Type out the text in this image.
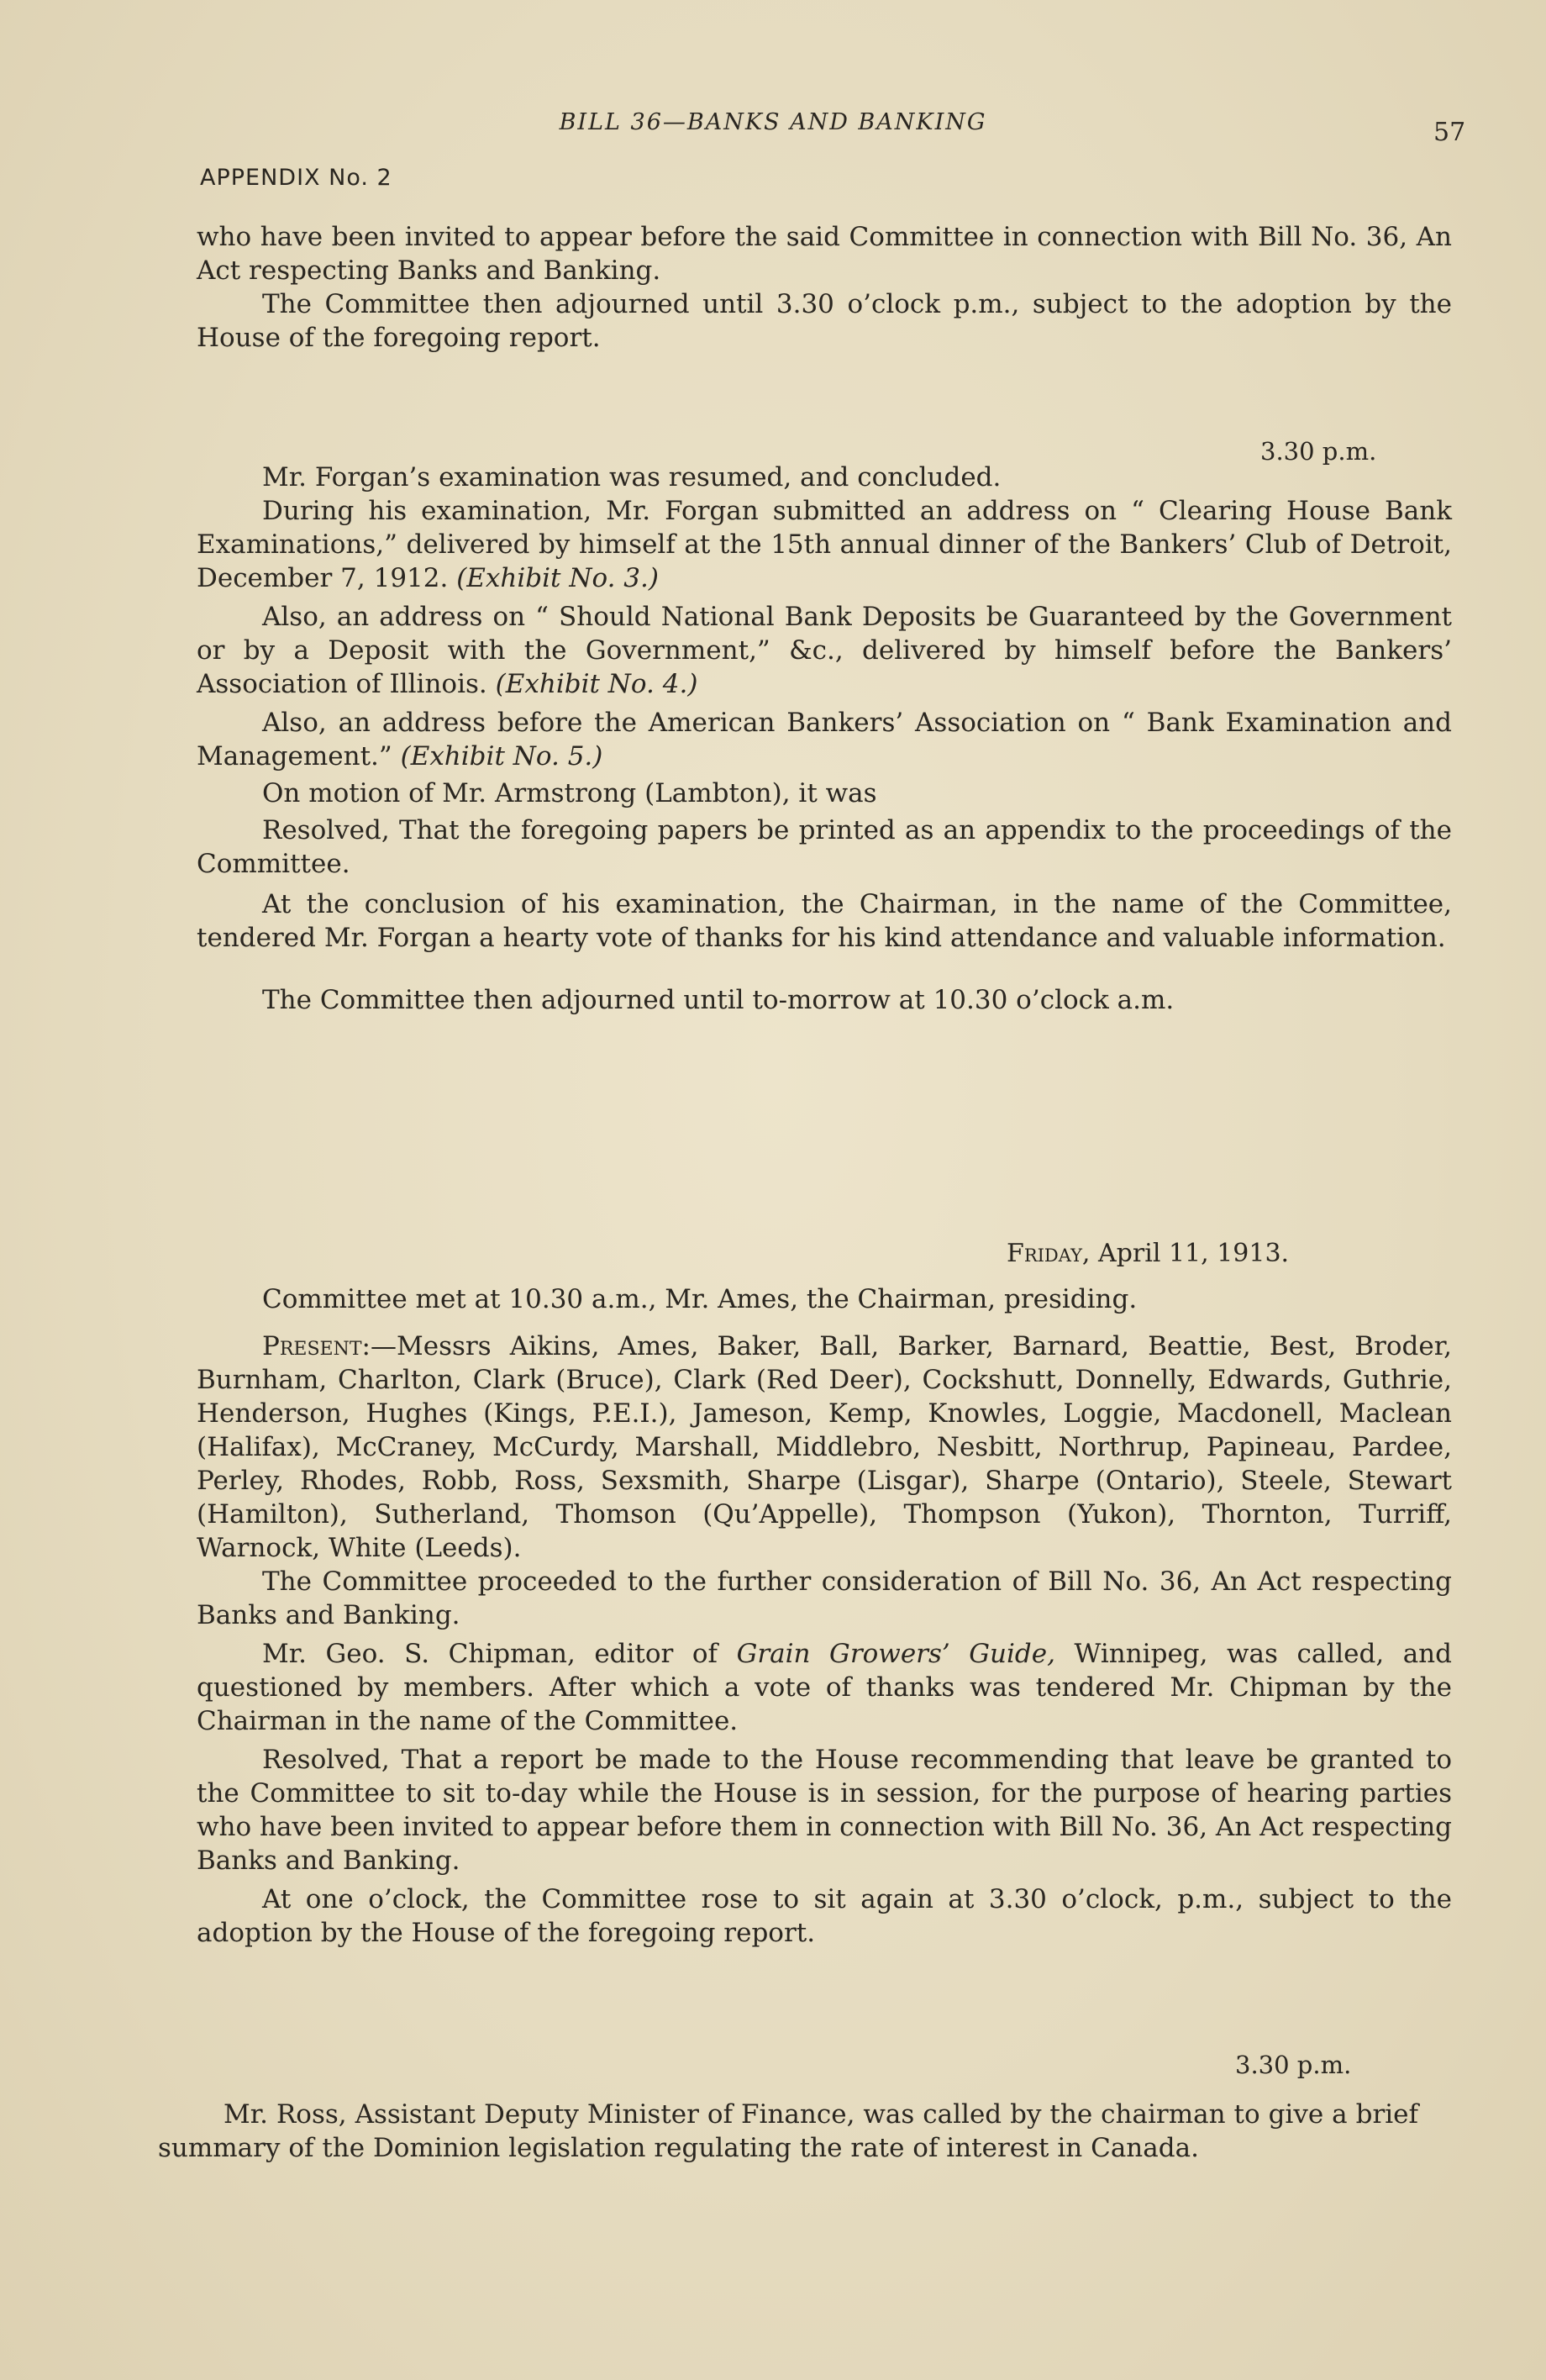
BILL 36—BANKS AND BANKING	57
APPENDIX No. 2

who have been invited to appear before the said Committee in connection with Bill No. 36, An Act respecting Banks and Banking.

The Committee then adjourned until 3.30 o’clock p.m., subject to the adoption by the House of the foregoing report.

3.30 p.m.

Mr. Forgan’s examination was resumed, and concluded.

During his examination, Mr. Forgan submitted an address on “ Clearing House Bank Examinations,” delivered by himself at the 15th annual dinner of the Bankers’ Club of Detroit, December 7, 1912. (Exhibit No. 3.)

Also, an address on “ Should National Bank Deposits be Guaranteed by the Government or by a Deposit with the Government,” &c., delivered by himself before the Bankers’ Association of Illinois. (Exhibit No. 4.)

Also, an address before the American Bankers’ Association on “ Bank Examination and Management.” (Exhibit No. 5.)

On motion of Mr. Armstrong (Lambton), it was

Resolved, That the foregoing papers be printed as an appendix to the proceedings of the Committee.

At the conclusion of his examination, the Chairman, in the name of the Committee, tendered Mr. Forgan a hearty vote of thanks for his kind attendance and valuable information.

The Committee then adjourned until to-morrow at 10.30 o’clock a.m.

Friday, April 11, 1913.

Committee met at 10.30 a.m., Mr. Ames, the Chairman, presiding.

Present:—Messrs Aikins, Ames, Baker, Ball, Barker, Barnard, Beattie, Best, Broder, Burnham, Charlton, Clark (Bruce), Clark (Red Deer), Cockshutt, Donnelly, Edwards, Guthrie, Henderson, Hughes (Kings, P.E.I.), Jameson, Kemp, Knowles, Loggie, Macdonell, Maclean (Halifax), McCraney, McCurdy, Marshall, Middlebro, Nesbitt, Northrup, Papineau, Pardee, Perley, Rhodes, Robb, Ross, Sexsmith, Sharpe (Lisgar), Sharpe (Ontario), Steele, Stewart (Hamilton), Sutherland, Thomson (Qu’Appelle), Thompson (Yukon), Thornton, Turriff, Warnock, White (Leeds).

The Committee proceeded to the further consideration of Bill No. 36, An Act respecting Banks and Banking.

Mr. Geo. S. Chipman, editor of Grain Growers’ Guide, Winnipeg, was called, and questioned by members. After which a vote of thanks was tendered Mr. Chipman by the Chairman in the name of the Committee.

Resolved, That a report be made to the House recommending that leave be granted to the Committee to sit to-day while the House is in session, for the purpose of hearing parties who have been invited to appear before them in connection with Bill No. 36, An Act respecting Banks and Banking.

At one o’clock, the Committee rose to sit again at 3.30 o’clock, p.m., subject to the adoption by the House of the foregoing report.

3.30 p.m.

Mr. Ross, Assistant Deputy Minister of Finance, was called by the chairman to give a brief summary of the Dominion legislation regulating the rate of interest in Canada.
